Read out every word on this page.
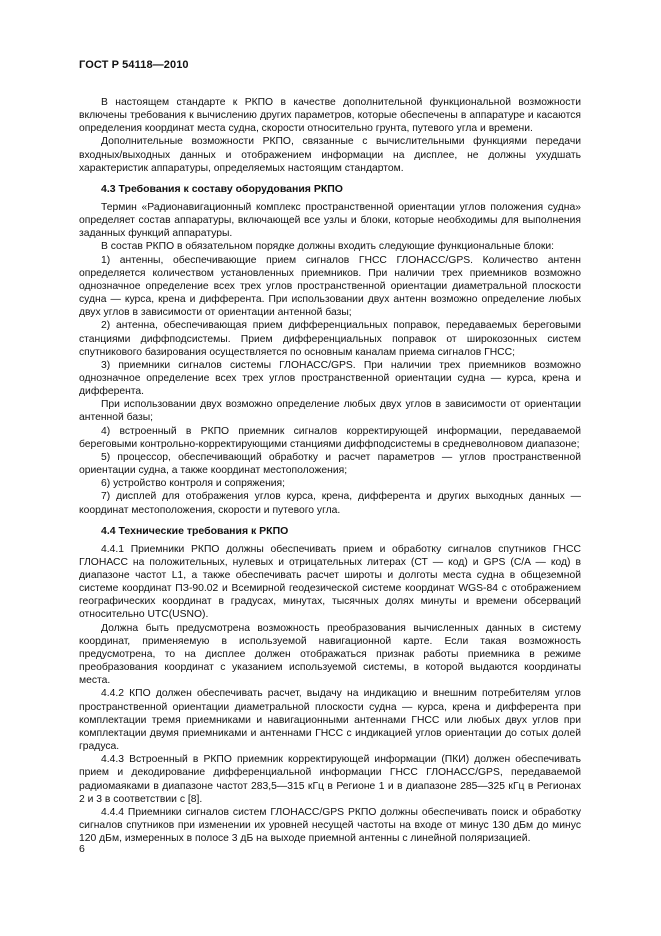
ГОСТ Р 54118—2010

В настоящем стандарте к РКПО в качестве дополнительной функциональной возможности включены требования к вычислению других параметров, которые обеспечены в аппаратуре и касаются определения координат места судна, скорости относительно грунта, путевого угла и времени.

Дополнительные возможности РКПО, связанные с вычислительными функциями передачи входных/выходных данных и отображением информации на дисплее, не должны ухудшать характеристик аппаратуры, определяемых настоящим стандартом.

4.3 Требования к составу оборудования РКПО

Термин «Радионавигационный комплекс пространственной ориентации углов положения судна» определяет состав аппаратуры, включающей все узлы и блоки, которые необходимы для выполнения заданных функций аппаратуры.

В состав РКПО в обязательном порядке должны входить следующие функциональные блоки:

1) антенны, обеспечивающие прием сигналов ГНСС ГЛОНАСС/GPS. Количество антенн определяется количеством установленных приемников. При наличии трех приемников возможно однозначное определение всех трех углов пространственной ориентации диаметральной плоскости судна — курса, крена и дифферента. При использовании двух антенн возможно определение любых двух углов в зависимости от ориентации антенной базы;

2) антенна, обеспечивающая прием дифференциальных поправок, передаваемых береговыми станциями диффподсистемы. Прием дифференциальных поправок от широкозонных систем спутникового базирования осуществляется по основным каналам приема сигналов ГНСС;

3) приемники сигналов системы ГЛОНАСС/GPS. При наличии трех приемников возможно однозначное определение всех трех углов пространственной ориентации судна — курса, крена и дифферента.

При использовании двух возможно определение любых двух углов в зависимости от ориентации антенной базы;

4) встроенный в РКПО приемник сигналов корректирующей информации, передаваемой береговыми контрольно-корректирующими станциями диффподсистемы в средневолновом диапазоне;

5) процессор, обеспечивающий обработку и расчет параметров — углов пространственной ориентации судна, а также координат местоположения;

6) устройство контроля и сопряжения;

7) дисплей для отображения углов курса, крена, дифферента и других выходных данных — координат местоположения, скорости и путевого угла.

4.4 Технические требования к РКПО

4.4.1 Приемники РКПО должны обеспечивать прием и обработку сигналов спутников ГНСС ГЛОНАСС на положительных, нулевых и отрицательных литерах (СТ — код) и GPS (C/A — код) в диапазоне частот L1, а также обеспечивать расчет широты и долготы места судна в общеземной системе координат ПЗ-90.02 и Всемирной геодезической системе координат WGS-84 с отображением географических координат в градусах, минутах, тысячных долях минуты и времени обсерваций относительно UTC(USNO).

Должна быть предусмотрена возможность преобразования вычисленных данных в систему координат, применяемую в используемой навигационной карте. Если такая возможность предусмотрена, то на дисплее должен отображаться признак работы приемника в режиме преобразования координат с указанием используемой системы, в которой выдаются координаты места.

4.4.2 КПО должен обеспечивать расчет, выдачу на индикацию и внешним потребителям углов пространственной ориентации диаметральной плоскости судна — курса, крена и дифферента при комплектации тремя приемниками и навигационными антеннами ГНСС или любых двух углов при комплектации двумя приемниками и антеннами ГНСС с индикацией углов ориентации до сотых долей градуса.

4.4.3 Встроенный в РКПО приемник корректирующей информации (ПКИ) должен обеспечивать прием и декодирование дифференциальной информации ГНСС ГЛОНАСС/GPS, передаваемой радиомаяками в диапазоне частот 283,5—315 кГц в Регионе 1 и в диапазоне 285—325 кГц в Регионах 2 и 3 в соответствии с [8].

4.4.4 Приемники сигналов систем ГЛОНАСС/GPS РКПО должны обеспечивать поиск и обработку сигналов спутников при изменении их уровней несущей частоты на входе от минус 130 дБм до минус 120 дБм, измеренных в полосе 3 дБ на выходе приемной антенны с линейной поляризацией.

6
